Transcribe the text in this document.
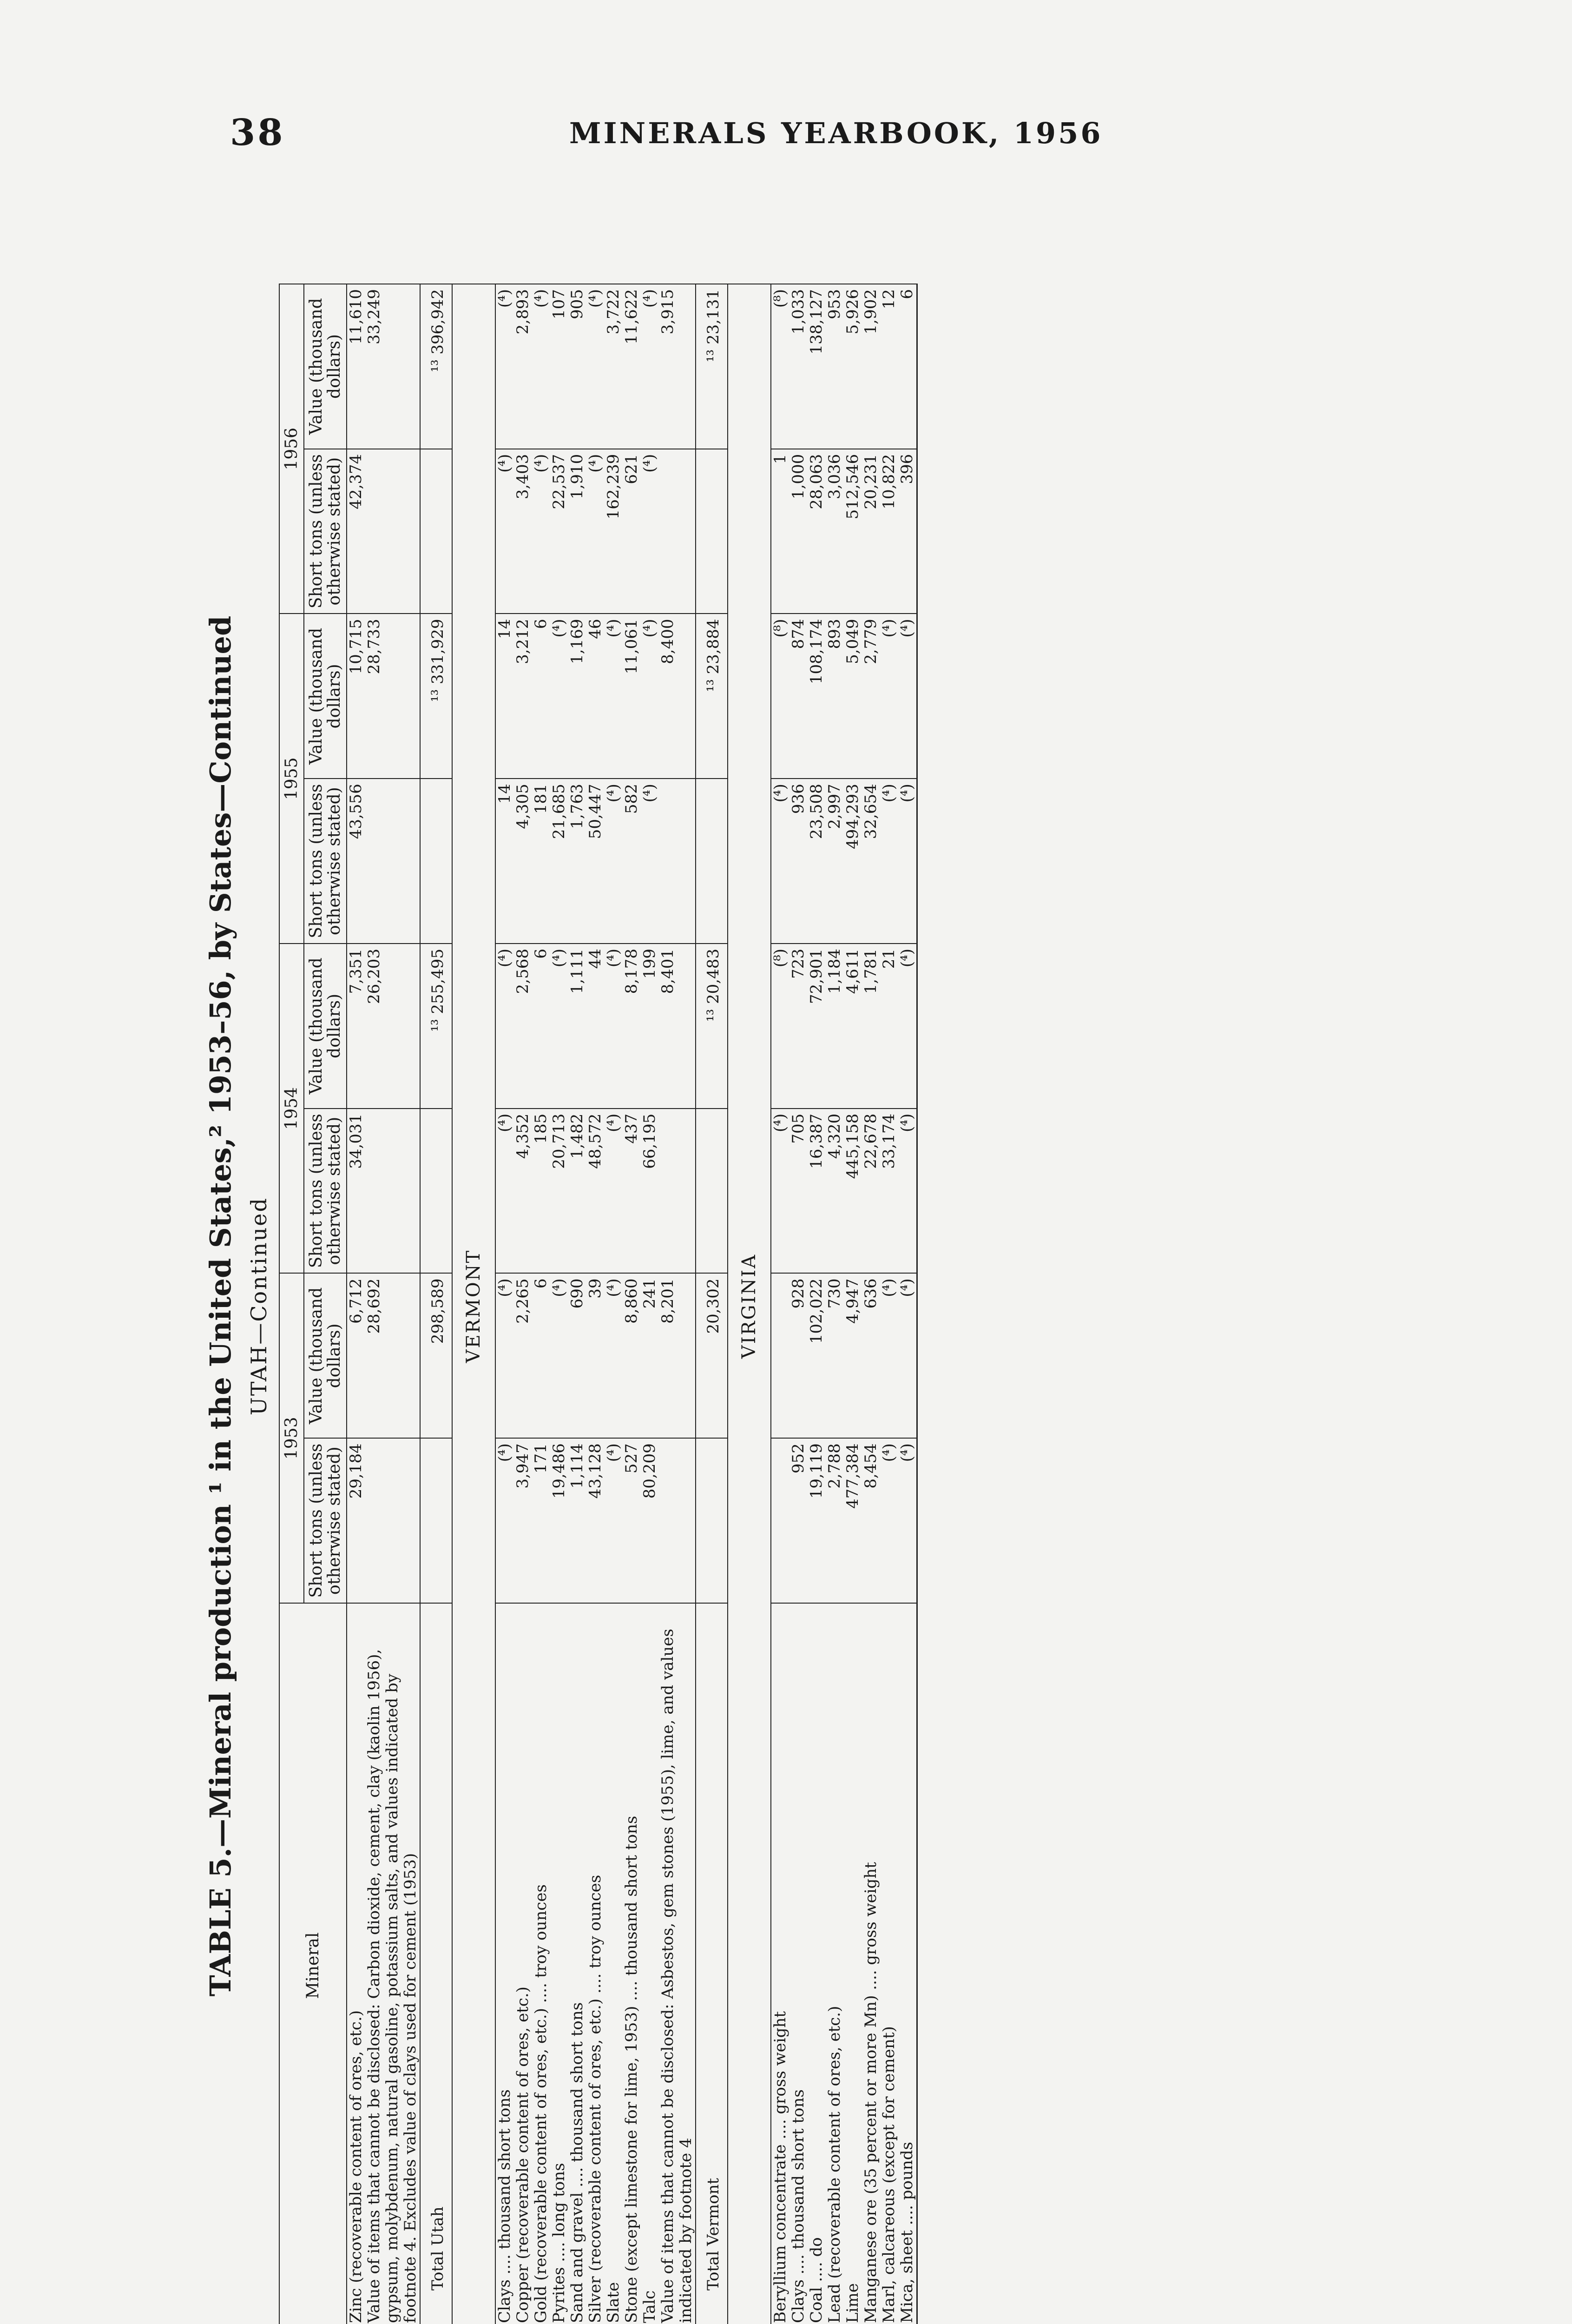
38	MINERALS YEARBOOK, 1956
TABLE 5.—Mineral production ¹ in the United States,² 1953–56, by States—Continued UTAH—Continued
Mineral	1953		1954		1955		1956	
	Short tons (unless otherwise stated)	Value (thousand dollars)	Short tons (unless otherwise stated)	Value (thousand dollars)	Short tons (unless otherwise stated)	Value (thousand dollars)	Short tons (unless otherwise stated)	Value (thousand dollars)
Zinc (recoverable content of ores, etc.)	29,184	6,712	34,031	7,351	43,556	10,715	42,374	11,610
Value of items that cannot be disclosed: Carbon dioxide, cement, clay (kaolin 1956), gypsum, molybdenum, natural gasoline, potassium salts, and values indicated by footnote 4. Excludes value of clays used for cement (1953)		28,692		26,203		28,733		33,249
Total Utah		298,589		¹³ 255,495		¹³ 331,929		¹³ 396,942
VERMONT								
Clays .... thousand short tons	(⁴)	(⁴)	(⁴)	(⁴)	14	14	(⁴)	(⁴)
Copper (recoverable content of ores, etc.)	3,947	2,265	4,352	2,568	4,305	3,212	3,403	2,893
Gold (recoverable content of ores, etc.) .... troy ounces	171	6	185	6	181	6	(⁴)	(⁴)
Pyrites .... long tons	19,486	(⁴)	20,713	(⁴)	21,685	(⁴)	22,537	107
Sand and gravel .... thousand short tons	1,114	690	1,482	1,111	1,763	1,169	1,910	905
Silver (recoverable content of ores, etc.) .... troy ounces	43,128	39	48,572	44	50,447	46	(⁴)	(⁴)
Slate	(⁴)	(⁴)	(⁴)	(⁴)	(⁴)	(⁴)	162,239	3,722
Stone (except limestone for lime, 1953) .... thousand short tons	527	8,860	437	8,178	582	11,061	621	11,622
Talc	80,209	241	66,195	199	(⁴)	(⁴)	(⁴)	(⁴)
Value of items that cannot be disclosed: Asbestos, gem stones (1955), lime, and values indicated by footnote 4		8,201		8,401		8,400		3,915
Total Vermont		20,302		¹³ 20,483		¹³ 23,884		¹³ 23,131
VIRGINIA								
Beryllium concentrate .... gross weight			(⁴)	(⁸)	(⁴)	(⁸)	1	(⁸)
Clays .... thousand short tons	952	928	705	723	936	874	1,000	1,033
Coal .... do	19,119	102,022	16,387	72,901	23,508	108,174	28,063	138,127
Lead (recoverable content of ores, etc.)	2,788	730	4,320	1,184	2,997	893	3,036	953
Lime	477,384	4,947	445,158	4,611	494,293	5,049	512,546	5,926
Manganese ore (35 percent or more Mn) .... gross weight	8,454	636	22,678	1,781	32,654	2,779	20,231	1,902
Marl, calcareous (except for cement)	(⁴)	(⁴)	33,174	21	(⁴)	(⁴)	10,822	12
Mica, sheet .... pounds	(⁴)	(⁴)	(⁴)	(⁴)	(⁴)	(⁴)	396	6
